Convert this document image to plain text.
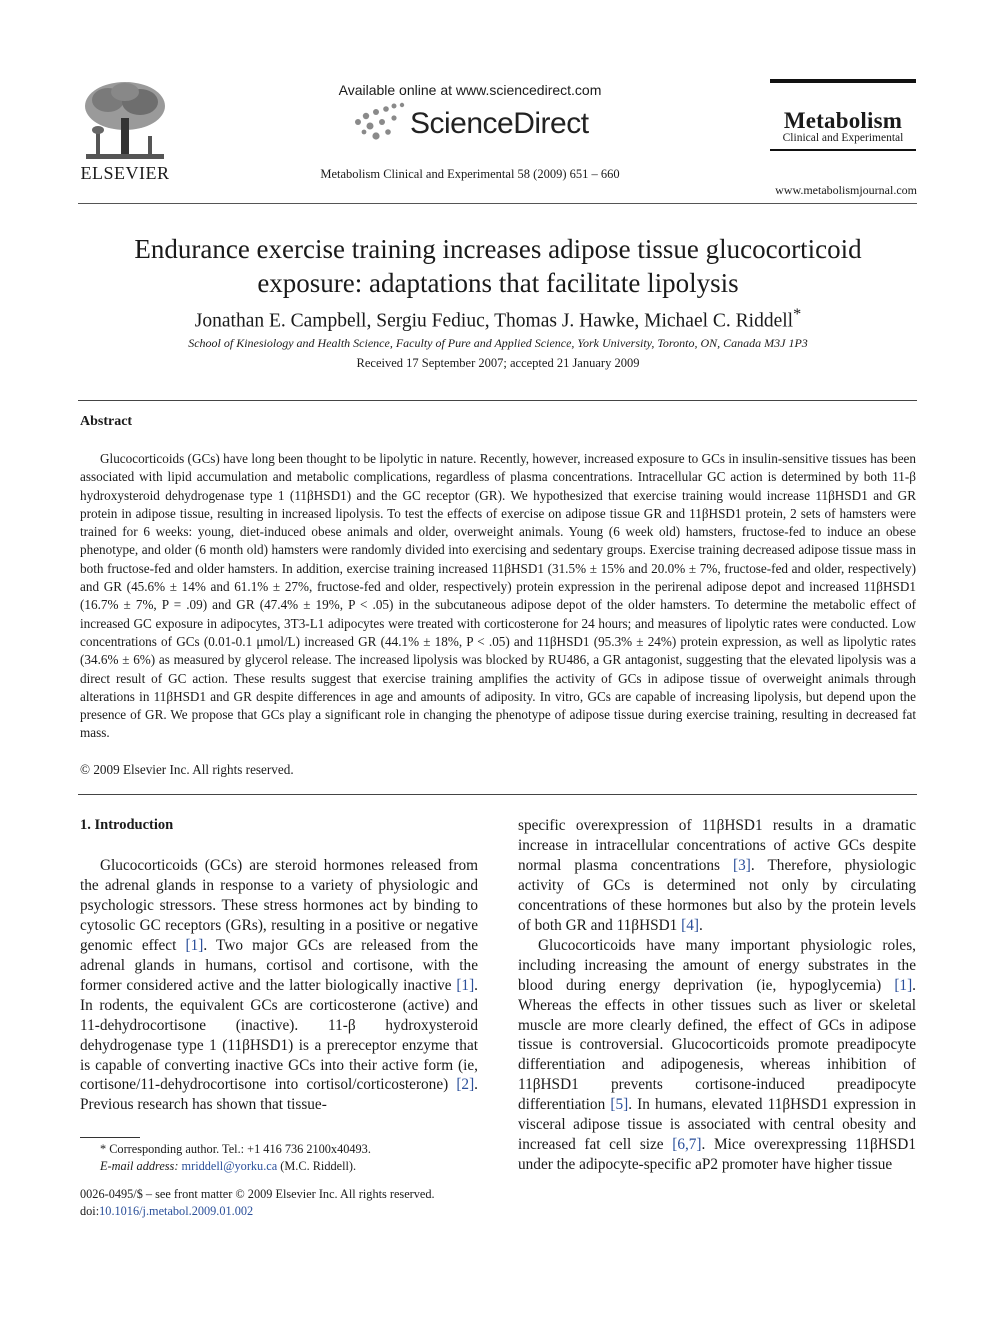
ELSEVIER
Available online at www.sciencedirect.com
ScienceDirect
Metabolism Clinical and Experimental 58 (2009) 651 – 660
Metabolism
Clinical and Experimental
www.metabolismjournal.com
Endurance exercise training increases adipose tissue glucocorticoid
exposure: adaptations that facilitate lipolysis
Jonathan E. Campbell, Sergiu Fediuc, Thomas J. Hawke, Michael C. Riddell*
School of Kinesiology and Health Science, Faculty of Pure and Applied Science, York University, Toronto, ON, Canada M3J 1P3
Received 17 September 2007; accepted 21 January 2009
Abstract
Glucocorticoids (GCs) have long been thought to be lipolytic in nature. Recently, however, increased exposure to GCs in insulin-sensitive tissues has been associated with lipid accumulation and metabolic complications, regardless of plasma concentrations. Intracellular GC action is determined by both 11-β hydroxysteroid dehydrogenase type 1 (11βHSD1) and the GC receptor (GR). We hypothesized that exercise training would increase 11βHSD1 and GR protein in adipose tissue, resulting in increased lipolysis. To test the effects of exercise on adipose tissue GR and 11βHSD1 protein, 2 sets of hamsters were trained for 6 weeks: young, diet-induced obese animals and older, overweight animals. Young (6 week old) hamsters, fructose-fed to induce an obese phenotype, and older (6 month old) hamsters were randomly divided into exercising and sedentary groups. Exercise training decreased adipose tissue mass in both fructose-fed and older hamsters. In addition, exercise training increased 11βHSD1 (31.5% ± 15% and 20.0% ± 7%, fructose-fed and older, respectively) and GR (45.6% ± 14% and 61.1% ± 27%, fructose-fed and older, respectively) protein expression in the perirenal adipose depot and increased 11βHSD1 (16.7% ± 7%, P = .09) and GR (47.4% ± 19%, P < .05) in the subcutaneous adipose depot of the older hamsters. To determine the metabolic effect of increased GC exposure in adipocytes, 3T3-L1 adipocytes were treated with corticosterone for 24 hours; and measures of lipolytic rates were conducted. Low concentrations of GCs (0.01-0.1 μmol/L) increased GR (44.1% ± 18%, P < .05) and 11βHSD1 (95.3% ± 24%) protein expression, as well as lipolytic rates (34.6% ± 6%) as measured by glycerol release. The increased lipolysis was blocked by RU486, a GR antagonist, suggesting that the elevated lipolysis was a direct result of GC action. These results suggest that exercise training amplifies the activity of GCs in adipose tissue of overweight animals through alterations in 11βHSD1 and GR despite differences in age and amounts of adiposity. In vitro, GCs are capable of increasing lipolysis, but depend upon the presence of GR. We propose that GCs play a significant role in changing the phenotype of adipose tissue during exercise training, resulting in decreased fat mass.
© 2009 Elsevier Inc. All rights reserved.
1. Introduction
Glucocorticoids (GCs) are steroid hormones released from the adrenal glands in response to a variety of physiologic and psychologic stressors. These stress hormones act by binding to cytosolic GC receptors (GRs), resulting in a positive or negative genomic effect [1]. Two major GCs are released from the adrenal glands in humans, cortisol and cortisone, with the former considered active and the latter biologically inactive [1]. In rodents, the equivalent GCs are corticosterone (active) and 11-dehydrocortisone (inactive). 11-β hydroxysteroid dehydrogenase type 1 (11βHSD1) is a prereceptor enzyme that is capable of converting inactive GCs into their active form (ie, cortisone/11-dehydrocortisone into cortisol/corticosterone) [2]. Previous research has shown that tissue-

specific overexpression of 11βHSD1 results in a dramatic increase in intracellular concentrations of active GCs despite normal plasma concentrations [3]. Therefore, physiologic activity of GCs is determined not only by circulating concentrations of these hormones but also by the protein levels of both GR and 11βHSD1 [4].

Glucocorticoids have many important physiologic roles, including increasing the amount of energy substrates in the blood during energy deprivation (ie, hypoglycemia) [1]. Whereas the effects in other tissues such as liver or skeletal muscle are more clearly defined, the effect of GCs in adipose tissue is controversial. Glucocorticoids promote preadipocyte differentiation and adipogenesis, whereas inhibition of 11βHSD1 prevents cortisone-induced preadipocyte differentiation [5]. In humans, elevated 11βHSD1 expression in visceral adipose tissue is associated with central obesity and increased fat cell size [6,7]. Mice overexpressing 11βHSD1 under the adipocyte-specific aP2 promoter have higher tissue

* Corresponding author. Tel.: +1 416 736 2100x40493.
E-mail address: mriddell@yorku.ca (M.C. Riddell).
0026-0495/$ – see front matter © 2009 Elsevier Inc. All rights reserved.
doi:10.1016/j.metabol.2009.01.002
